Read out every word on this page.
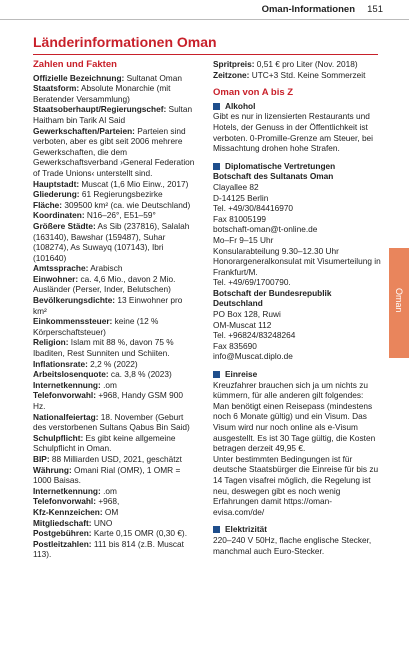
Oman-Informationen 151
Länderinformationen Oman
Zahlen und Fakten

Offizielle Bezeichnung: Sultanat Oman

Staatsform: Absolute Monarchie (mit Beratender Versammlung)

Staatsoberhaupt/Regierungschef: Sultan Haitham bin Tarik Al Said

Gewerkschaften/Parteien: Parteien sind verboten, aber es gibt seit 2006 mehrere Gewerkschaften, die dem Gewerkschaftsverband ›General Federation of Trade Unions‹ unterstellt sind.

Hauptstadt: Muscat (1,6 Mio Einw., 2017)

Gliederung: 61 Regierungsbezirke

Fläche: 309500 km² (ca. wie Deutschland)

Koordinaten: N16–26°, E51–59°

Größere Städte: As Sib (237816), Salalah (163140), Bawshar (159487), Suhar (108274), As Suwayq (107143), Ibri (101640)

Amtssprache: Arabisch

Einwohner: ca. 4,6 Mio., davon 2 Mio. Ausländer (Perser, Inder, Belutschen)

Bevölkerungsdichte: 13 Einwohner pro km²

Einkommenssteuer: keine (12 % Körperschaftsteuer)

Religion: Islam mit 88 %, davon 75 % Ibaditen, Rest Sunniten und Schiiten.

Inflationsrate: 2,2 % (2022)

Arbeitslosenquote: ca. 3,8 % (2023)

Internetkennung: .om

Telefonvorwahl: +968, Handy GSM 900 Hz.

Nationalfeiertag: 18. November (Geburt des verstorbenen Sultans Qabus Bin Said)

Schulpflicht: Es gibt keine allgemeine Schulpflicht in Oman.

BIP: 88 Milliarden USD, 2021, geschätzt

Währung: Omani Rial (OMR), 1 OMR = 1000 Baisas.

Internetkennung: .om

Telefonvorwahl: +968,

Kfz-Kennzeichen: OM

Mitgliedschaft: UNO

Postgebühren: Karte 0,15 OMR (0,30 €).

Postleitzahlen: 111 bis 814 (z.B. Muscat 113).

Spritpreis: 0,51 € pro Liter (Nov. 2018)

Zeitzone: UTC+3 Std. Keine Sommerzeit

Oman von A bis Z
Alkohol

Gibt es nur in lizensierten Restaurants und Hotels, der Genuss in der Öffentlichkeit ist verboten. 0-Promille-Grenze am Steuer, bei Missachtung drohen hohe Strafen.

Diplomatische Vertretungen

Botschaft des Sultanats Oman

Clayallee 82

D-14125 Berlin

Tel. +49/30/84416970

Fax 81005199

botschaft-oman@t-online.de

Mo–Fr 9–15 Uhr

Konsularabteilung 9.30–12.30 Uhr

Honorargeneralkonsulat mit Visumerteilung in Frankfurt/M.

Tel. +49/69/1700790.

Botschaft der Bundesrepublik Deutschland

PO Box 128, Ruwi

OM-Muscat 112

Tel. +96824/83248264

Fax 835690

info@Muscat.diplo.de

Einreise

Kreuzfahrer brauchen sich ja um nichts zu kümmern, für alle anderen gilt folgendes: Man benötigt einen Reisepass (mindestens noch 6 Monate gültig) und ein Visum. Das Visum wird nur noch online als e-Visum ausgestellt. Es ist 30 Tage gültig, die Kosten betragen derzeit 49,95 €.

Unter bestimmten Bedingungen ist für deutsche Staatsbürger die Einreise für bis zu 14 Tagen visafrei möglich, die Regelung ist neu, deswegen gibt es noch wenig Erfahrungen damit https://oman-evisa.com/de/

Elektrizität

220–240 V 50Hz, flache englische Stecker, manchmal auch Euro-Stecker.

Oman
